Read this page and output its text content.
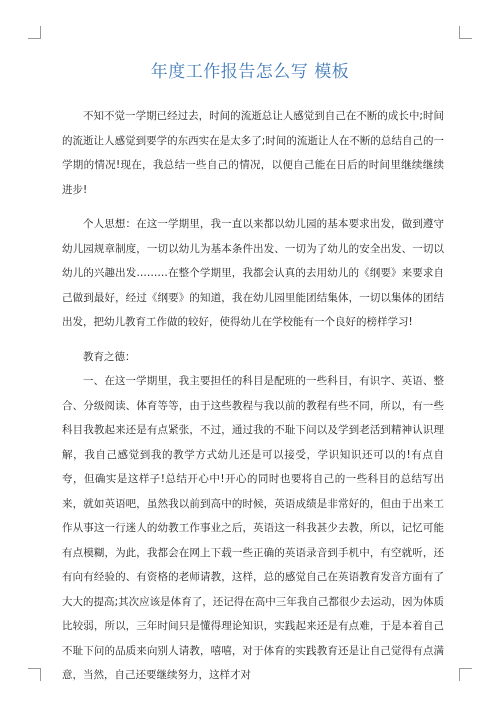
年度工作报告怎么写 模板

不知不觉一学期已经过去，时间的流逝总让人感觉到自己在不断的成长中;时间的流逝让人感觉到要学的东西实在是太多了;时间的流逝让人在不断的总结自己的一学期的情况!现在，我总结一些自己的情况，以便自己能在日后的时间里继续继续进步!

个人思想：在这一学期里，我一直以来都以幼儿园的基本要求出发，做到遵守幼儿园规章制度，一切以幼儿为基本条件出发、一切为了幼儿的安全出发、一切以幼儿的兴趣出发………在整个学期里，我都会认真的去用幼儿的《纲要》来要求自己做到最好，经过《纲要》的知道，我在幼儿园里能团结集体，一切以集体的团结出发，把幼儿教育工作做的较好，使得幼儿在学校能有一个良好的榜样学习!

教育之德：

一、在这一学期里，我主要担任的科目是配班的一些科目，有识字、英语、整合、分级阅读、体育等等，由于这些教程与我以前的教程有些不同，所以，有一些科目我教起来还是有点紧张，不过，通过我的不耻下问以及学到老活到精神认识理解，我自己感觉到我的教学方式幼儿还是可以接受，学识知识还可以的!有点自夸，但确实是这样子!总结开心中!开心的同时也要将自己的一些科目的总结写出来，就如英语吧，虽然我以前到高中的时候，英语成绩是非常好的，但由于出来工作从事这一行迷人的幼教工作事业之后，英语这一科我甚少去教，所以，记忆可能有点模糊，为此，我都会在网上下载一些正确的英语录音到手机中，有空就听，还有向有经验的、有资格的老师请教，这样，总的感觉自己在英语教育发音方面有了大大的提高;其次应该是体育了，还记得在高中三年我自己都很少去运动，因为体质比较弱，所以，三年时间只是懂得理论知识，实践起来还是有点难，于是本着自己不耻下问的品质来向别人请教，嘻嘻，对于体育的实践教育还是让自己觉得有点满意，当然，自己还要继续努力，这样才对
